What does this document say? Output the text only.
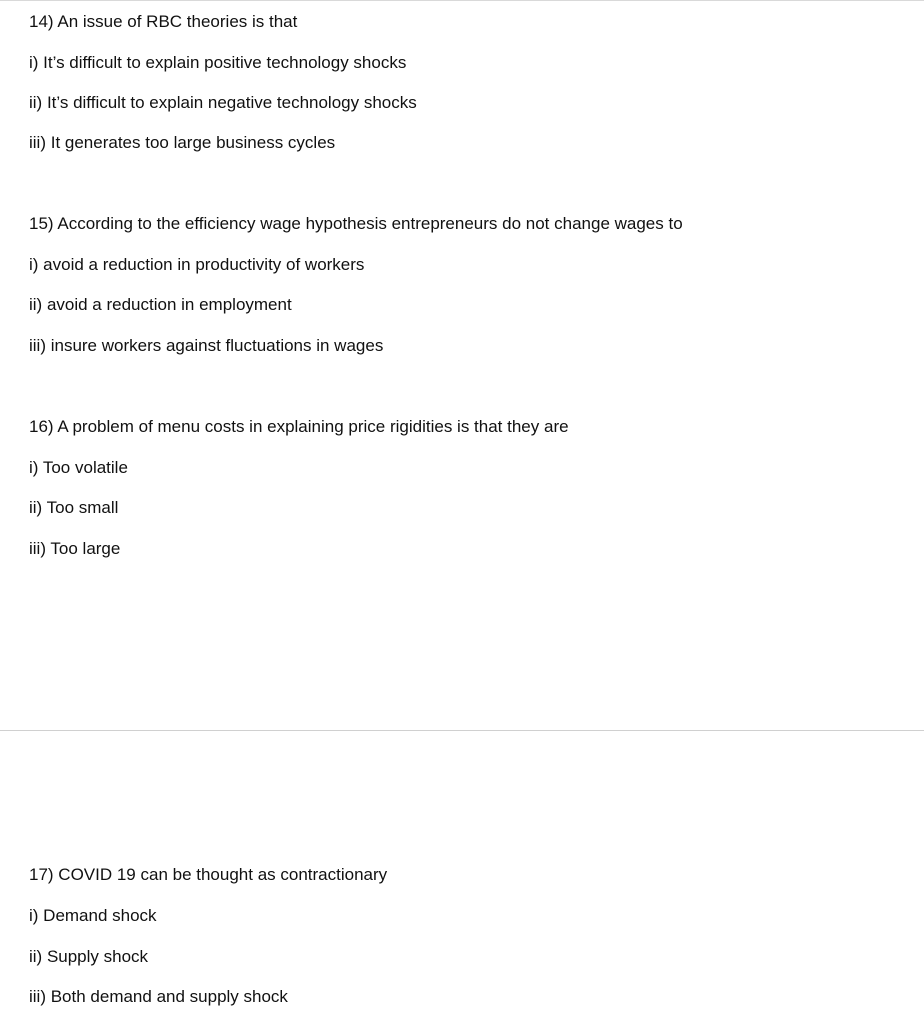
14) An issue of RBC theories is that
i) It’s difficult to explain positive technology shocks
ii) It’s difficult to explain negative technology shocks
iii) It generates too large business cycles
15) According to the efficiency wage hypothesis entrepreneurs do not change wages to
i) avoid a reduction in productivity of workers
ii) avoid a reduction in employment
iii) insure workers against fluctuations in wages
16) A problem of menu costs in explaining price rigidities is that they are
i) Too volatile
ii) Too small
iii) Too large
17) COVID 19 can be thought as contractionary
i) Demand shock
ii) Supply shock
iii) Both demand and supply shock
